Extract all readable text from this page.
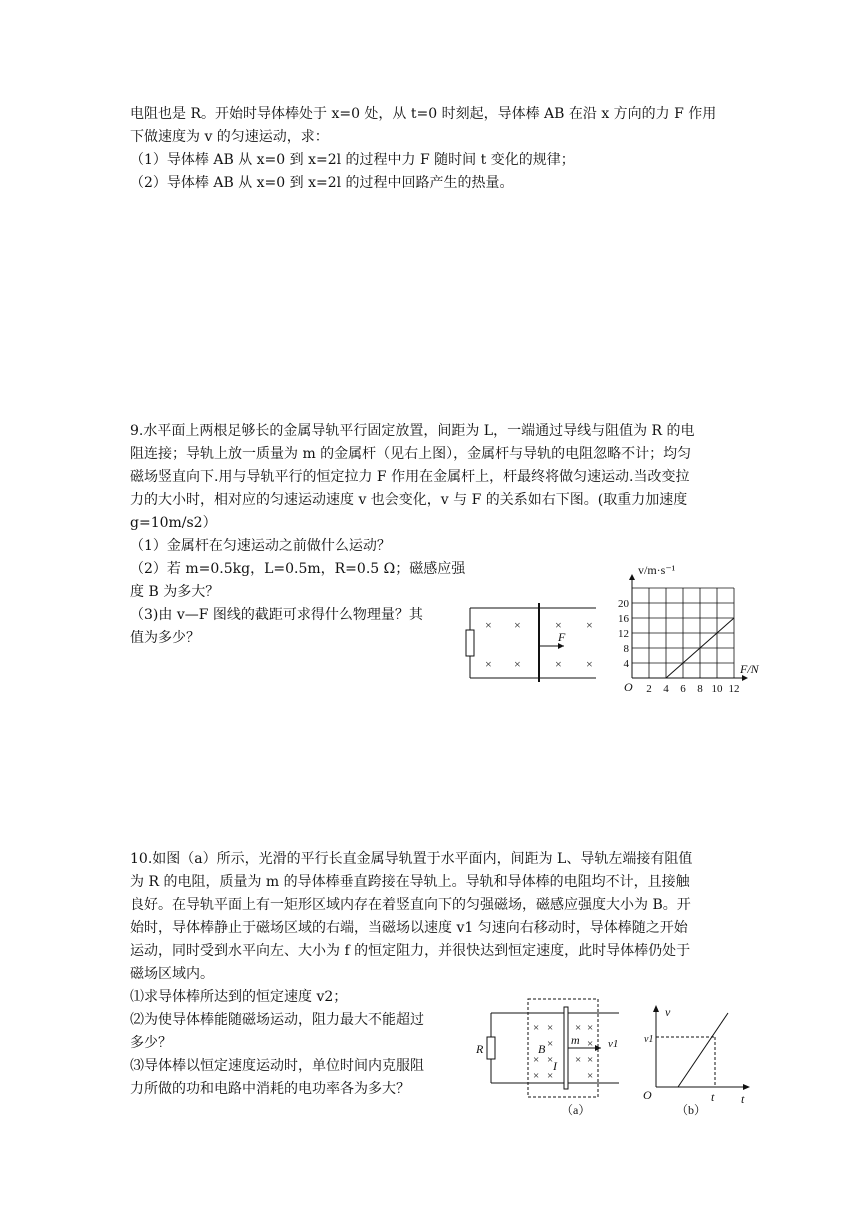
电阻也是 R。开始时导体棒处于 x=0 处，从 t=0 时刻起，导体棒 AB 在沿 x 方向的力 F 作用
下做速度为 v 的匀速运动，求：
（1）导体棒 AB 从 x=0 到 x=2l 的过程中力 F 随时间 t 变化的规律；
（2）导体棒 AB 从 x=0 到 x=2l 的过程中回路产生的热量。
9.水平面上两根足够长的金属导轨平行固定放置，间距为 L，一端通过导线与阻值为 R 的电
阻连接；导轨上放一质量为 m 的金属杆（见右上图），金属杆与导轨的电阻忽略不计；均匀
磁场竖直向下.用与导轨平行的恒定拉力 F 作用在金属杆上，杆最终将做匀速运动.当改变拉
力的大小时，相对应的匀速运动速度 v 也会变化，v 与 F 的关系如右下图。(取重力加速度
g=10m/s2）
（1）金属杆在匀速运动之前做什么运动？
（2）若 m=0.5kg，L=0.5m，R=0.5 Ω；磁感应强
度 B 为多大？
（3)由 v—F 图线的截距可求得什么物理量？其
值为多少？
× ×	× ×
× ×	× ×
F
2 4 6 8 10 12
4
8
12
16
20
v/m·s⁻¹
F/N
O
10.如图（a）所示，光滑的平行长直金属导轨置于水平面内，间距为 L、导轨左端接有阻值
为 R 的电阻，质量为 m 的导体棒垂直跨接在导轨上。导轨和导体棒的电阻均不计，且接触
良好。在导轨平面上有一矩形区域内存在着竖直向下的匀强磁场，磁感应强度大小为 B。开
始时，导体棒静止于磁场区域的右端，当磁场以速度 v1 匀速向右移动时，导体棒随之开始
运动，同时受到水平向左、大小为 f 的恒定阻力，并很快达到恒定速度，此时导体棒仍处于
磁场区域内。
⑴求导体棒所达到的恒定速度 v2；
⑵为使导体棒能随磁场运动，阻力最大不能超过
多少？
⑶导体棒以恒定速度运动时，单位时间内克服阻
力所做的功和电路中消耗的电功率各为多大？
R
× × × ×
×	×
× × × ×
× ×	×
B
m
I
v1
（a）
v
v1
O	t t
（b）
